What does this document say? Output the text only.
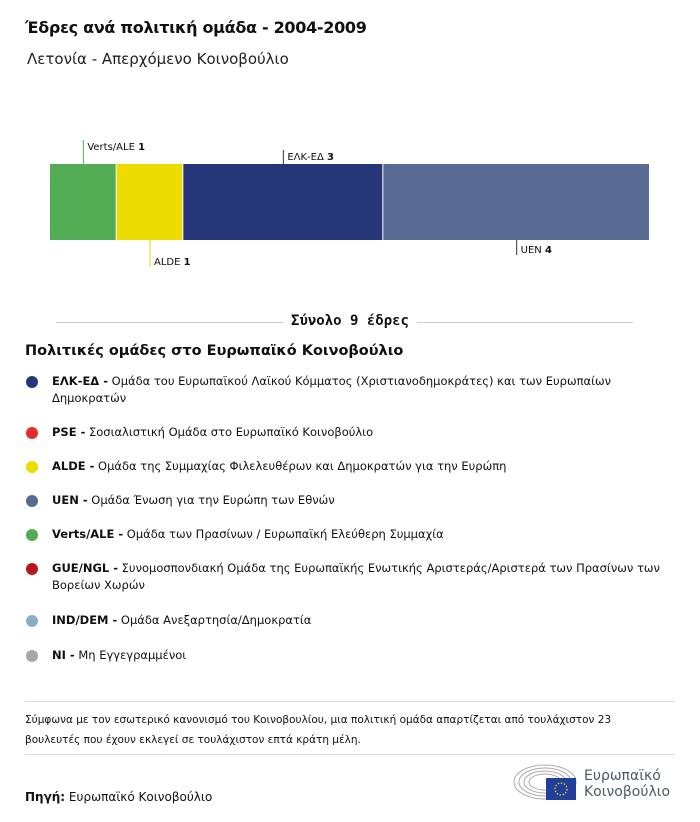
Έδρες ανά πολιτική ομάδα - 2004-2009
Λετονία - Απερχόμενο Κοινοβούλιο
Verts/ALE 1
ALDE 1
ΕΛΚ-ΕΔ 3
UEN 4
Σύνολο 9 έδρες
Πολιτικές ομάδες στο Ευρωπαϊκό Κοινοβούλιο
ΕΛΚ-ΕΔ - Ομάδα του Ευρωπαϊκού Λαϊκού Κόμματος (Χριστιανοδημοκράτες) και των Ευρωπαίων Δημοκρατών
PSE - Σοσιαλιστική Ομάδα στο Ευρωπαϊκό Κοινοβούλιο
ALDE - Ομάδα της Συμμαχίας Φιλελευθέρων και Δημοκρατών για την Ευρώπη
UEN - Ομάδα Ένωση για την Ευρώπη των Εθνών
Verts/ALE - Ομάδα των Πρασίνων / Ευρωπαϊκή Ελεύθερη Συμμαχία
GUE/NGL - Συνομοσπονδιακή Ομάδα της Ευρωπαϊκής Ενωτικής Αριστεράς/Αριστερά των Πρασίνων των Βορείων Χωρών
IND/DEM - Ομάδα Ανεξαρτησία/Δημοκρατία
NI - Μη Εγγεγραμμένοι
Σύμφωνα με τον εσωτερικό κανονισμό του Κοινοβουλίου, μια πολιτική ομάδα απαρτίζεται από τουλάχιστον 23 βουλευτές που έχουν εκλεγεί σε τουλάχιστον επτά κράτη μέλη.
Πηγή: Ευρωπαϊκό Κοινοβούλιο
Ευρωπαϊκό
Κοινοβούλιο
